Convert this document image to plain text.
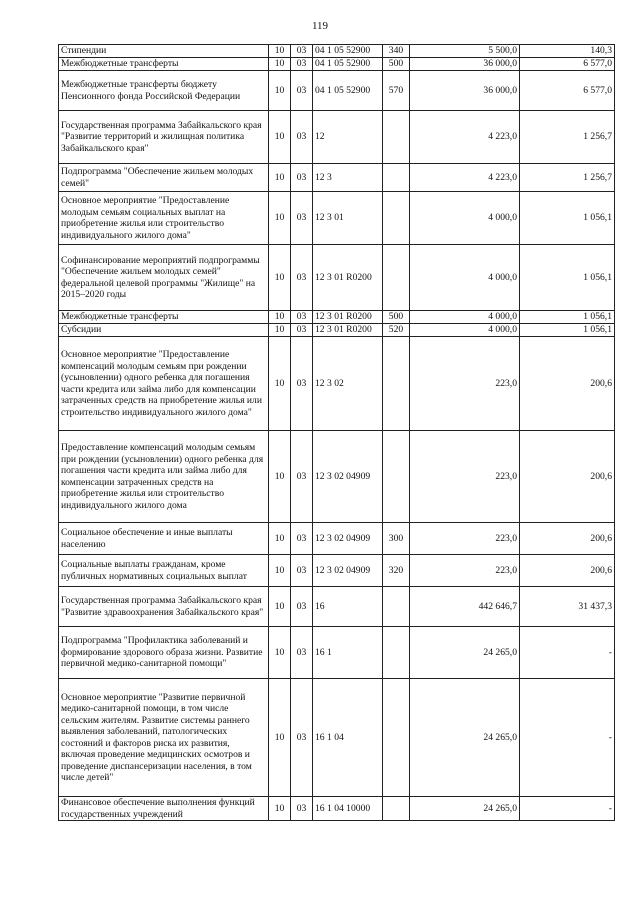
119
Стипендии	10	03	04 1 05 52900	340	5 500,0	140,3
Межбюджетные трансферты	10	03	04 1 05 52900	500	36 000,0	6 577,0
Межбюджетные трансферты бюджету Пенсионного фонда Российской Федерации	10	03	04 1 05 52900	570	36 000,0	6 577,0
Государственная программа Забайкальского края "Развитие территорий и жилищная политика Забайкальского края"	10	03	12		4 223,0	1 256,7
Подпрограмма "Обеспечение жильем молодых семей"	10	03	12 3		4 223,0	1 256,7
Основное мероприятие "Предоставление молодым семьям социальных выплат на приобретение жилья или строительство индивидуального жилого дома"	10	03	12 3 01		4 000,0	1 056,1
Софинансирование мероприятий подпрограммы "Обеспечение жильем молодых семей" федеральной целевой программы "Жилище" на 2015–2020 годы	10	03	12 3 01 R0200		4 000,0	1 056,1
Межбюджетные трансферты	10	03	12 3 01 R0200	500	4 000,0	1 056,1
Субсидии	10	03	12 3 01 R0200	520	4 000,0	1 056,1
Основное мероприятие "Предоставление компенсаций молодым семьям при рождении (усыновлении) одного ребенка для погашения части кредита или займа либо для компенсации затраченных средств на приобретение жилья или строительство индивидуального жилого дома"	10	03	12 3 02		223,0	200,6
Предоставление компенсаций молодым семьям при рождении (усыновлении) одного ребенка для погашения части кредита или займа либо для компенсации затраченных средств на приобретение жилья или строительство индивидуального жилого дома	10	03	12 3 02 04909		223,0	200,6
Социальное обеспечение и иные выплаты населению	10	03	12 3 02 04909	300	223,0	200,6
Социальные выплаты гражданам, кроме публичных нормативных социальных выплат	10	03	12 3 02 04909	320	223,0	200,6
Государственная программа Забайкальского края "Развитие здравоохранения Забайкальского края"	10	03	16		442 646,7	31 437,3
Подпрограмма "Профилактика заболеваний и формирование здорового образа жизни. Развитие первичной медико-санитарной помощи"	10	03	16 1		24 265,0	-
Основное мероприятие "Развитие первичной медико-санитарной помощи, в том числе сельским жителям. Развитие системы раннего выявления заболеваний, патологических состояний и факторов риска их развития, включая проведение медицинских осмотров и проведение диспансеризации населения, в том числе детей"	10	03	16 1 04		24 265,0	-
Финансовое обеспечение выполнения функций государственных учреждений	10	03	16 1 04 10000		24 265,0	-
